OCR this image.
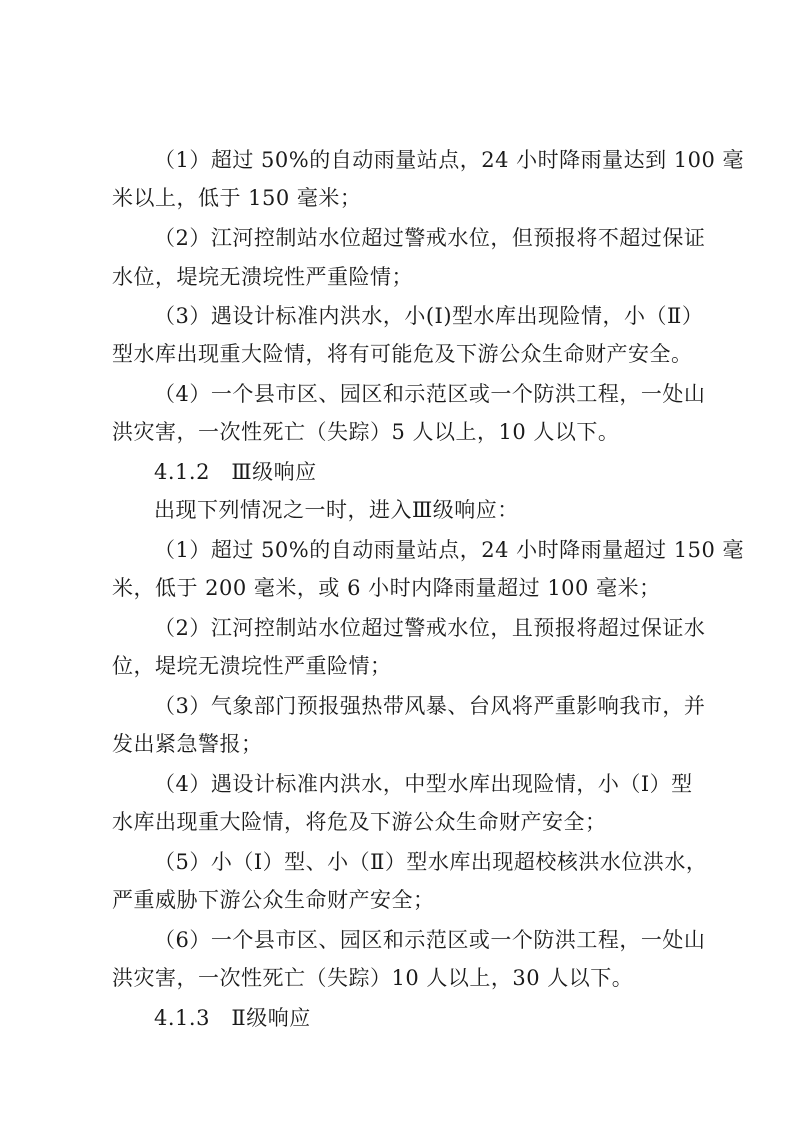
（1）超过 50%的自动雨量站点，24 小时降雨量达到 100 毫
米以上，低于 150 毫米；
（2）江河控制站水位超过警戒水位，但预报将不超过保证
水位，堤垸无溃垸性严重险情；
（3）遇设计标准内洪水，小(Ⅰ)型水库出现险情，小（Ⅱ）
型水库出现重大险情，将有可能危及下游公众生命财产安全。
（4）一个县市区、园区和示范区或一个防洪工程，一处山
洪灾害，一次性死亡（失踪）5 人以上，10 人以下。
4.1.2　Ⅲ级响应
出现下列情况之一时，进入Ⅲ级响应：
（1）超过 50%的自动雨量站点，24 小时降雨量超过 150 毫
米，低于 200 毫米，或 6 小时内降雨量超过 100 毫米；
（2）江河控制站水位超过警戒水位，且预报将超过保证水
位，堤垸无溃垸性严重险情；
（3）气象部门预报强热带风暴、台风将严重影响我市，并
发出紧急警报；
（4）遇设计标准内洪水，中型水库出现险情，小（Ⅰ）型
水库出现重大险情，将危及下游公众生命财产安全；
（5）小（Ⅰ）型、小（Ⅱ）型水库出现超校核洪水位洪水，
严重威胁下游公众生命财产安全；
（6）一个县市区、园区和示范区或一个防洪工程，一处山
洪灾害，一次性死亡（失踪）10 人以上，30 人以下。
4.1.3　Ⅱ级响应
